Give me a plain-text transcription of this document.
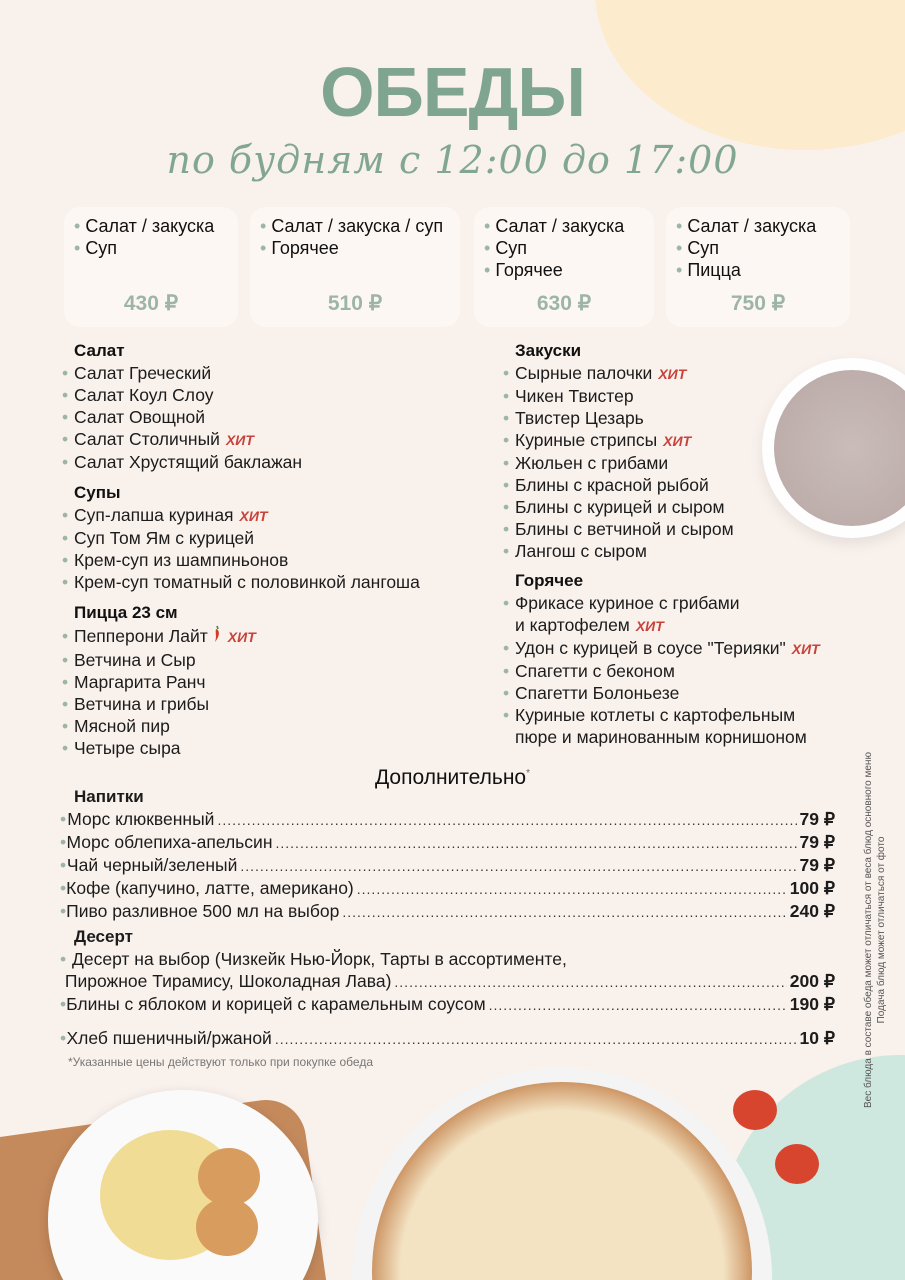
ОБЕДЫ
по будням с 12:00 до 17:00
• Салат / закуска
• Суп
430 ₽
• Салат / закуска / суп
• Горячее
510 ₽
• Салат / закуска
• Суп
• Горячее
630 ₽
• Салат / закуска
• Суп
• Пицца
750 ₽
Салат
• Салат Греческий
• Салат Коул Слоу
• Салат Овощной
• Салат Столичный ХИТ
• Салат Хрустящий баклажан
Супы
• Суп-лапша куриная ХИТ
• Суп Том Ям с курицей
• Крем-суп из шампиньонов
• Крем-суп томатный с половинкой лангоша
Пицца 23 см
• Пепперони Лайт ХИТ
• Ветчина и Сыр
• Маргарита Ранч
• Ветчина и грибы
• Мясной пир
• Четыре сыра
Закуски
• Сырные палочки ХИТ
• Чикен Твистер
• Твистер Цезарь
• Куриные стрипсы ХИТ
• Жюльен с грибами
• Блины с красной рыбой
• Блины с курицей и сыром
• Блины с ветчиной и сыром
• Лангош с сыром
Горячее
• Фрикасе куриное с грибами
и картофелем ХИТ
• Удон с курицей в соусе "Терияки" ХИТ
• Спагетти с беконом
• Спагетти Болоньезе
• Куриные котлеты с картофельным
пюре и маринованным корнишоном
Дополнительно*
Напитки
• Морс клюквенный .....	79 ₽
• Морс облепиха-апельсин .....	79 ₽
• Чай черный/зеленый .....	79 ₽
• Кофе (капучино, латте, американо) .....	100 ₽
• Пиво разливное 500 мл на выбор .....	240 ₽
Десерт
• Десерт на выбор (Чизкейк Нью-Йорк, Тарты в ассортименте,
Пирожное Тирамису, Шоколадная Лава) .....	200 ₽
• Блины с яблоком и корицей с карамельным соусом .....	190 ₽
• Хлеб пшеничный/ржаной .....	10 ₽
*Указанные цены действуют только при покупке обеда	Вес блюда в составе обеда может отличаться от веса блюд основного меню Подача блюд может отличаться от фото
